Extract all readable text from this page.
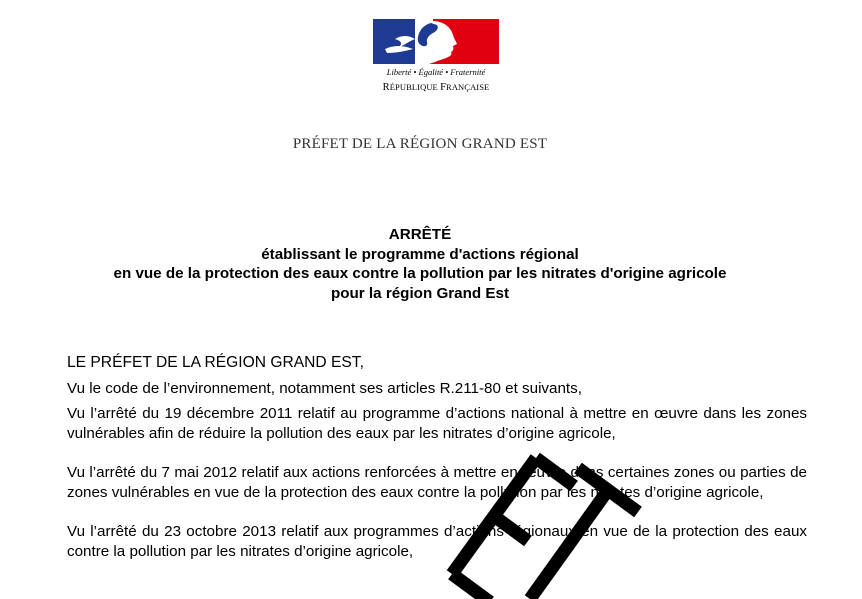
Liberté • Égalité • Fraternité
RÉPUBLIQUE FRANÇAISE
PRÉFET DE LA RÉGION GRAND EST
ARRÊTÉ
établissant le programme d'actions régional
en vue de la protection des eaux contre la pollution par les nitrates d'origine agricole
pour la région Grand Est

LE PRÉFET DE LA RÉGION GRAND EST,

Vu le code de l’environnement, notamment ses articles R.211-80 et suivants,

Vu l’arrêté du 19 décembre 2011 relatif au programme d’actions national à mettre en œuvre dans les zones vulnérables afin de réduire la pollution des eaux par les nitrates d’origine agricole,

Vu l’arrêté du 7 mai 2012 relatif aux actions renforcées à mettre en œuvre dans certaines zones ou parties de zones vulnérables en vue de la protection des eaux contre la pollution par les nitrates d’origine agricole,

Vu l’arrêté du 23 octobre 2013 relatif aux programmes d’actions régionaux en vue de la protection des eaux contre la pollution par les nitrates d’origine agricole,
